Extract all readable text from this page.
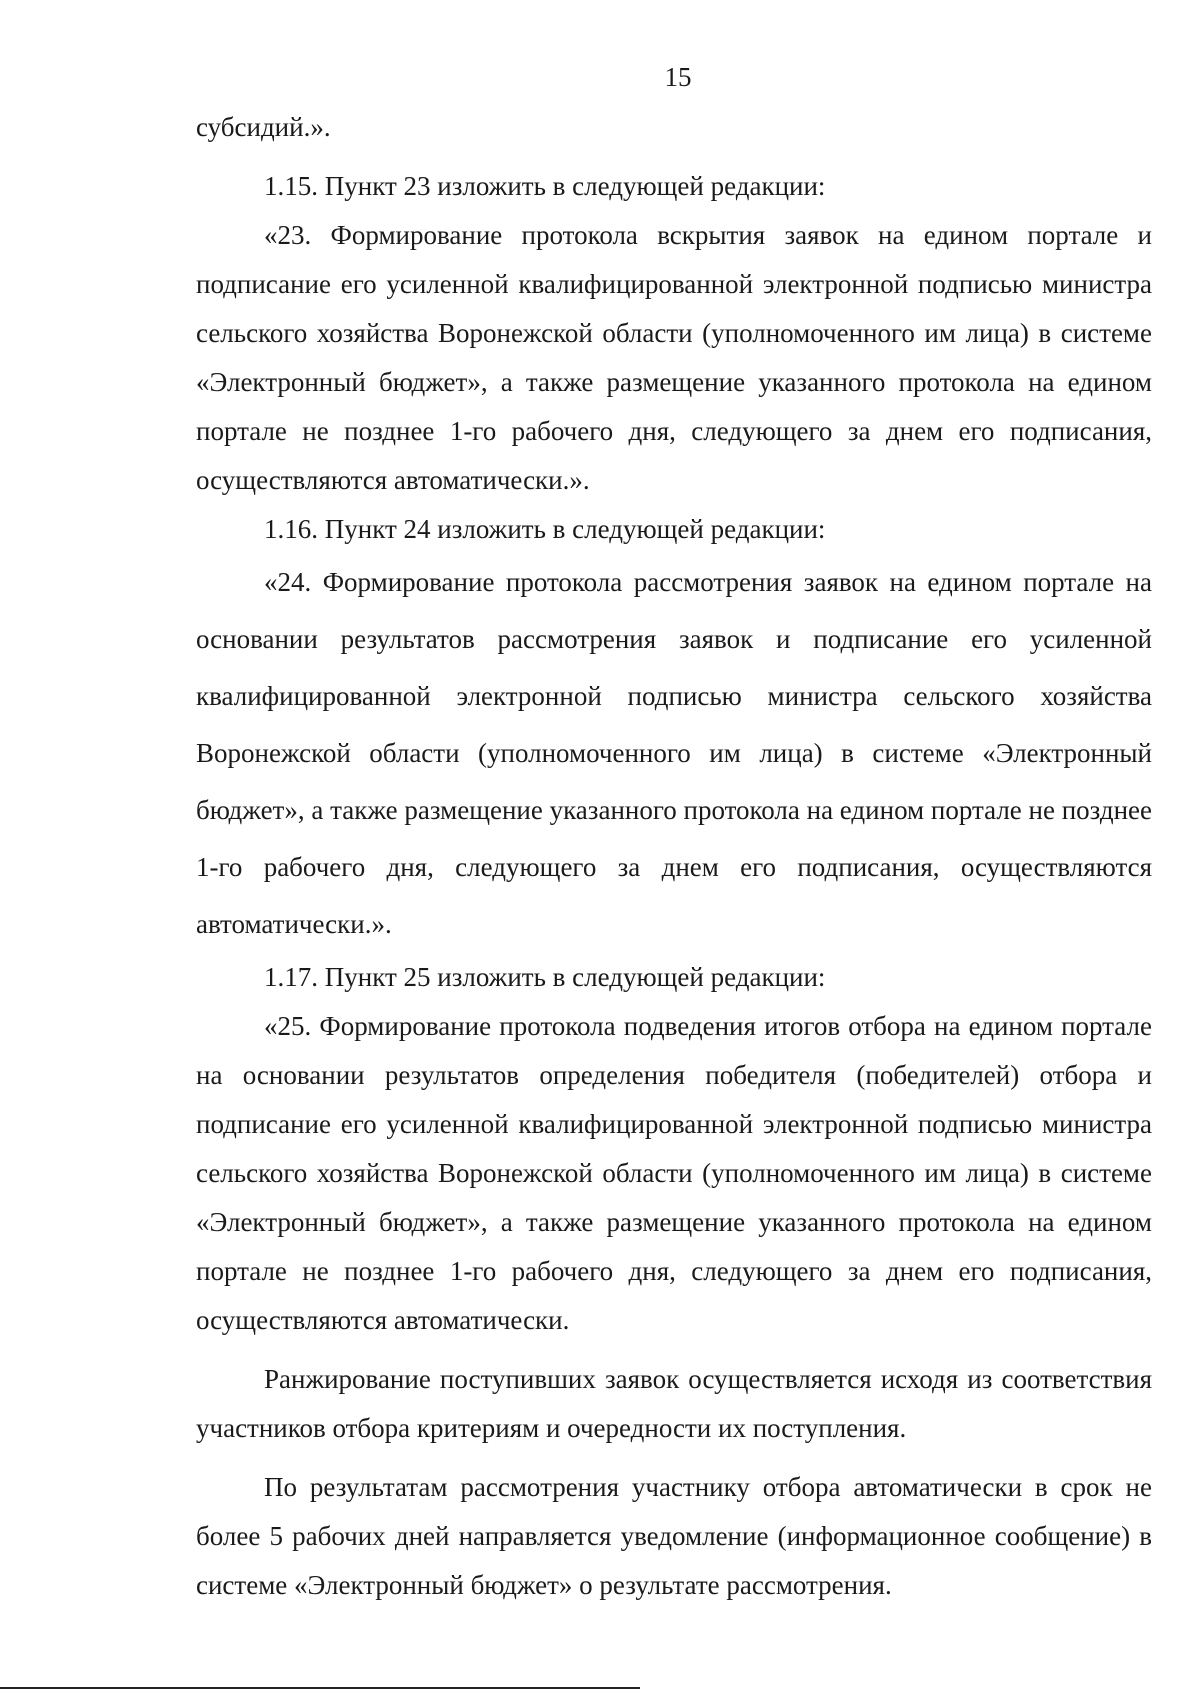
15

субсидий.».

1.15. Пункт 23 изложить в следующей редакции:

«23. Формирование протокола вскрытия заявок на едином портале и подписание его усиленной квалифицированной электронной подписью министра сельского хозяйства Воронежской области (уполномоченного им лица) в системе «Электронный бюджет», а также размещение указанного протокола на едином портале не позднее 1-го рабочего дня, следующего за днем его подписания, осуществляются автоматически.».

1.16. Пункт 24 изложить в следующей редакции:

«24. Формирование протокола рассмотрения заявок на едином портале на основании результатов рассмотрения заявок и подписание его усиленной квалифицированной электронной подписью министра сельского хозяйства Воронежской области (уполномоченного им лица) в системе «Электронный бюджет», а также размещение указанного протокола на едином портале не позднее 1-го рабочего дня, следующего за днем его подписания, осуществляются автоматически.».

1.17. Пункт 25 изложить в следующей редакции:

«25. Формирование протокола подведения итогов отбора на едином портале на основании результатов определения победителя (победителей) отбора и подписание его усиленной квалифицированной электронной подписью министра сельского хозяйства Воронежской области (уполномоченного им лица) в системе «Электронный бюджет», а также размещение указанного протокола на едином портале не позднее 1-го рабочего дня, следующего за днем его подписания, осуществляются автоматически.

Ранжирование поступивших заявок осуществляется исходя из соответствия участников отбора критериям и очередности их поступления.

По результатам рассмотрения участнику отбора автоматически в срок не более 5 рабочих дней направляется уведомление (информационное сообщение) в системе «Электронный бюджет» о результате рассмотрения.
